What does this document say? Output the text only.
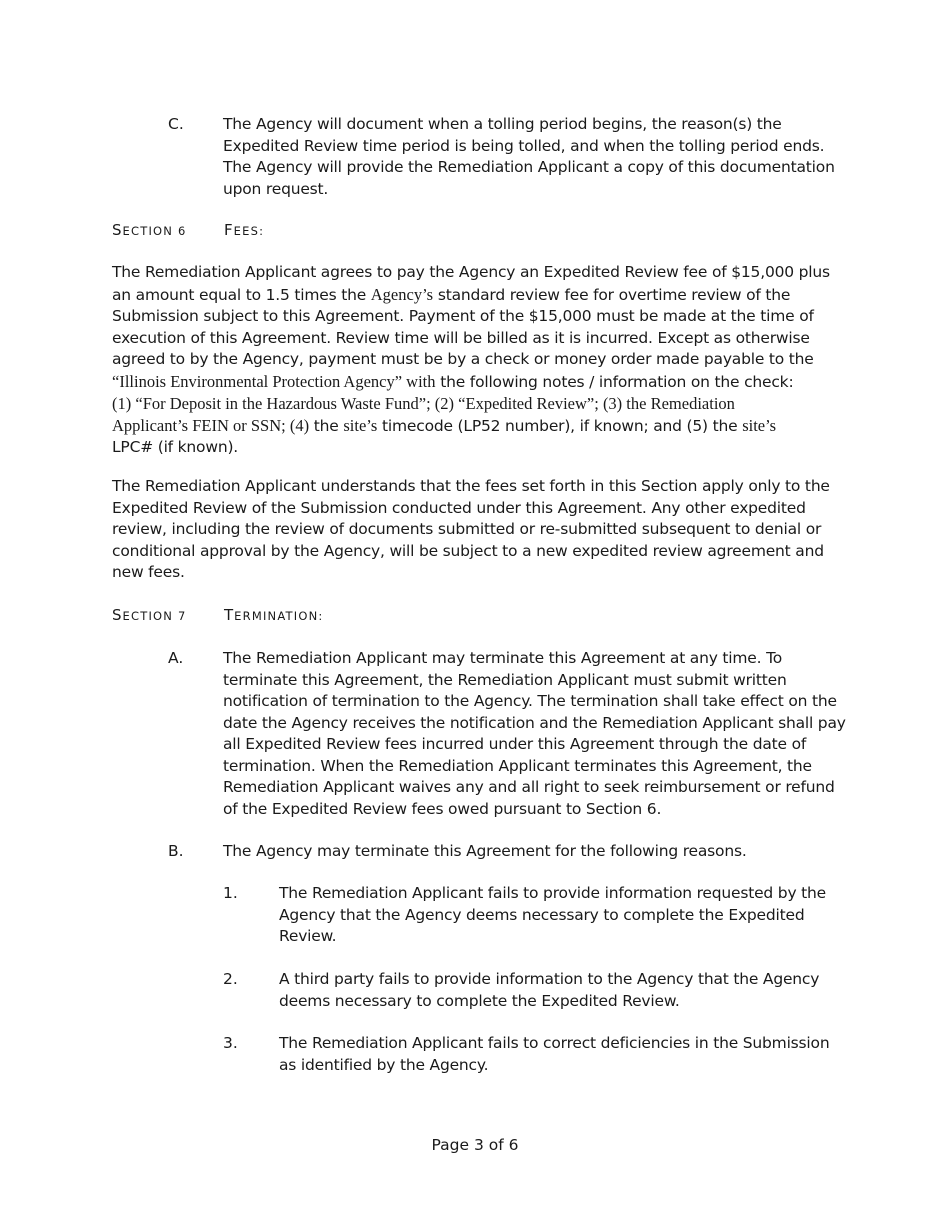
C.	The Agency will document when a tolling period begins, the reason(s) the
Expedited Review time period is being tolled, and when the tolling period ends.
The Agency will provide the Remediation Applicant a copy of this documentation
upon request.
SECTION 6	FEES:
The Remediation Applicant agrees to pay the Agency an Expedited Review fee of $15,000 plus
an amount equal to 1.5 times the Agency’s standard review fee for overtime review of the
Submission subject to this Agreement. Payment of the $15,000 must be made at the time of
execution of this Agreement. Review time will be billed as it is incurred. Except as otherwise
agreed to by the Agency, payment must be by a check or money order made payable to the
“Illinois Environmental Protection Agency” with the following notes / information on the check:
(1) “For Deposit in the Hazardous Waste Fund”; (2) “Expedited Review”; (3) the Remediation
Applicant’s FEIN or SSN; (4) the site’s timecode (LP52 number), if known; and (5) the site’s
LPC# (if known).
The Remediation Applicant understands that the fees set forth in this Section apply only to the
Expedited Review of the Submission conducted under this Agreement. Any other expedited
review, including the review of documents submitted or re-submitted subsequent to denial or
conditional approval by the Agency, will be subject to a new expedited review agreement and
new fees.
SECTION 7	TERMINATION:
A.	The Remediation Applicant may terminate this Agreement at any time. To
terminate this Agreement, the Remediation Applicant must submit written
notification of termination to the Agency. The termination shall take effect on the
date the Agency receives the notification and the Remediation Applicant shall pay
all Expedited Review fees incurred under this Agreement through the date of
termination. When the Remediation Applicant terminates this Agreement, the
Remediation Applicant waives any and all right to seek reimbursement or refund
of the Expedited Review fees owed pursuant to Section 6.
B.	The Agency may terminate this Agreement for the following reasons.
1.	The Remediation Applicant fails to provide information requested by the
Agency that the Agency deems necessary to complete the Expedited
Review.
2.	A third party fails to provide information to the Agency that the Agency
deems necessary to complete the Expedited Review.
3.	The Remediation Applicant fails to correct deficiencies in the Submission
as identified by the Agency.
Page 3 of 6
